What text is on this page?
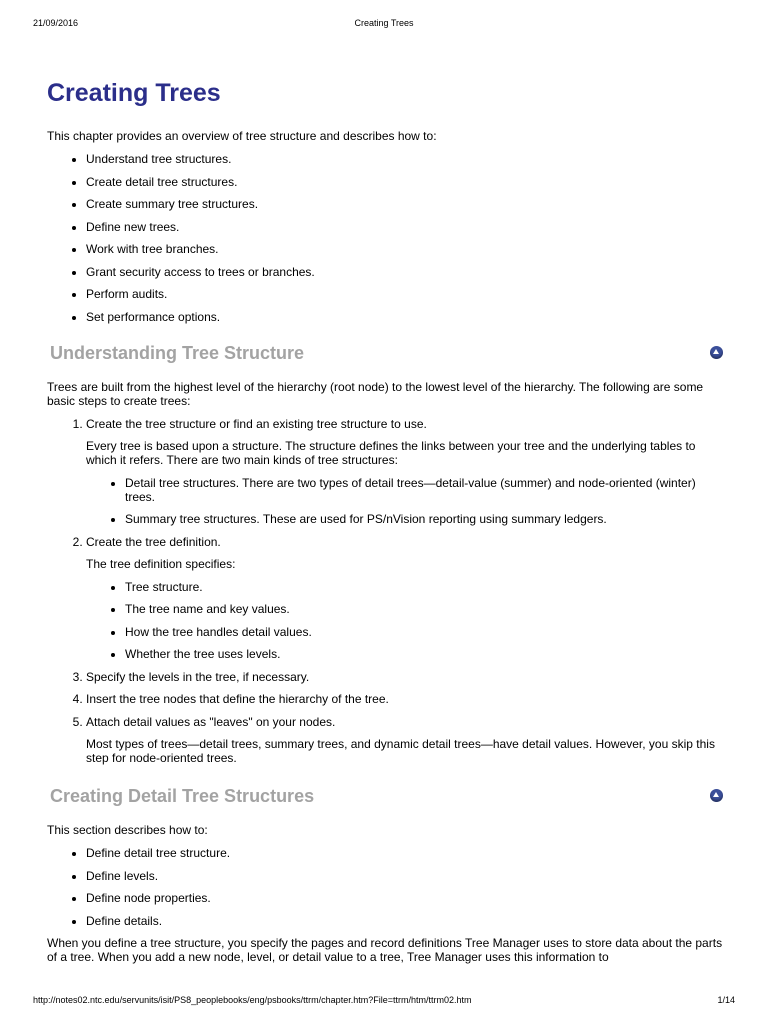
21/09/2016	Creating Trees
Creating Trees

This chapter provides an overview of tree structure and describes how to:

• Understand tree structures.
• Create detail tree structures.
• Create summary tree structures.
• Define new trees.
• Work with tree branches.
• Grant security access to trees or branches.
• Perform audits.
• Set performance options.
Understanding Tree Structure

Trees are built from the highest level of the hierarchy (root node) to the lowest level of the hierarchy. The following are some basic steps to create trees:

1. Create the tree structure or find an existing tree structure to use.

Every tree is based upon a structure. The structure defines the links between your tree and the underlying tables to which it refers. There are two main kinds of tree structures:

• Detail tree structures. There are two types of detail trees—detail-value (summer) and node-oriented (winter) trees.
• Summary tree structures. These are used for PS/nVision reporting using summary ledgers.
2. Create the tree definition.

The tree definition specifies:

• Tree structure.
• The tree name and key values.
• How the tree handles detail values.
• Whether the tree uses levels.
3. Specify the levels in the tree, if necessary.
4. Insert the tree nodes that define the hierarchy of the tree.
5. Attach detail values as "leaves" on your nodes.

Most types of trees—detail trees, summary trees, and dynamic detail trees—have detail values. However, you skip this step for node-oriented trees.

Creating Detail Tree Structures

This section describes how to:

• Define detail tree structure.
• Define levels.
• Define node properties.
• Define details.

When you define a tree structure, you specify the pages and record definitions Tree Manager uses to store data about the parts of a tree. When you add a new node, level, or detail value to a tree, Tree Manager uses this information to

http://notes02.ntc.edu/servunits/isit/PS8_peoplebooks/eng/psbooks/ttrm/chapter.htm?File=ttrm/htm/ttrm02.htm	1/14
